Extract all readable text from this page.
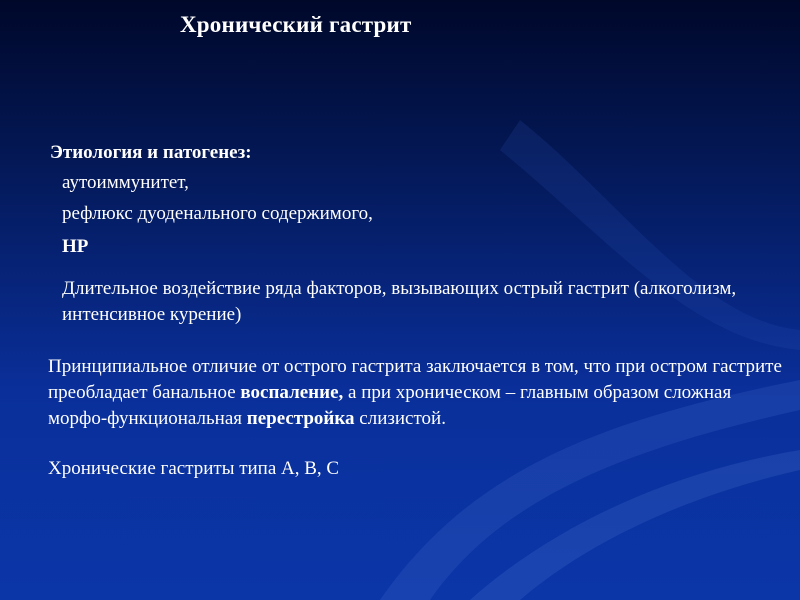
Хронический гастрит
Этиология и патогенез:
аутоиммунитет,
рефлюкс дуоденального содержимого,
HP
Длительное воздействие ряда факторов, вызывающих острый гастрит (алкоголизм, интенсивное курение)
Принципиальное отличие от острого гастрита заключается в том, что при остром гастрите преобладает банальное воспаление, а при хроническом – главным образом сложная морфо-функциональная перестройка слизистой.
Хронические гастриты типа А, В, С
